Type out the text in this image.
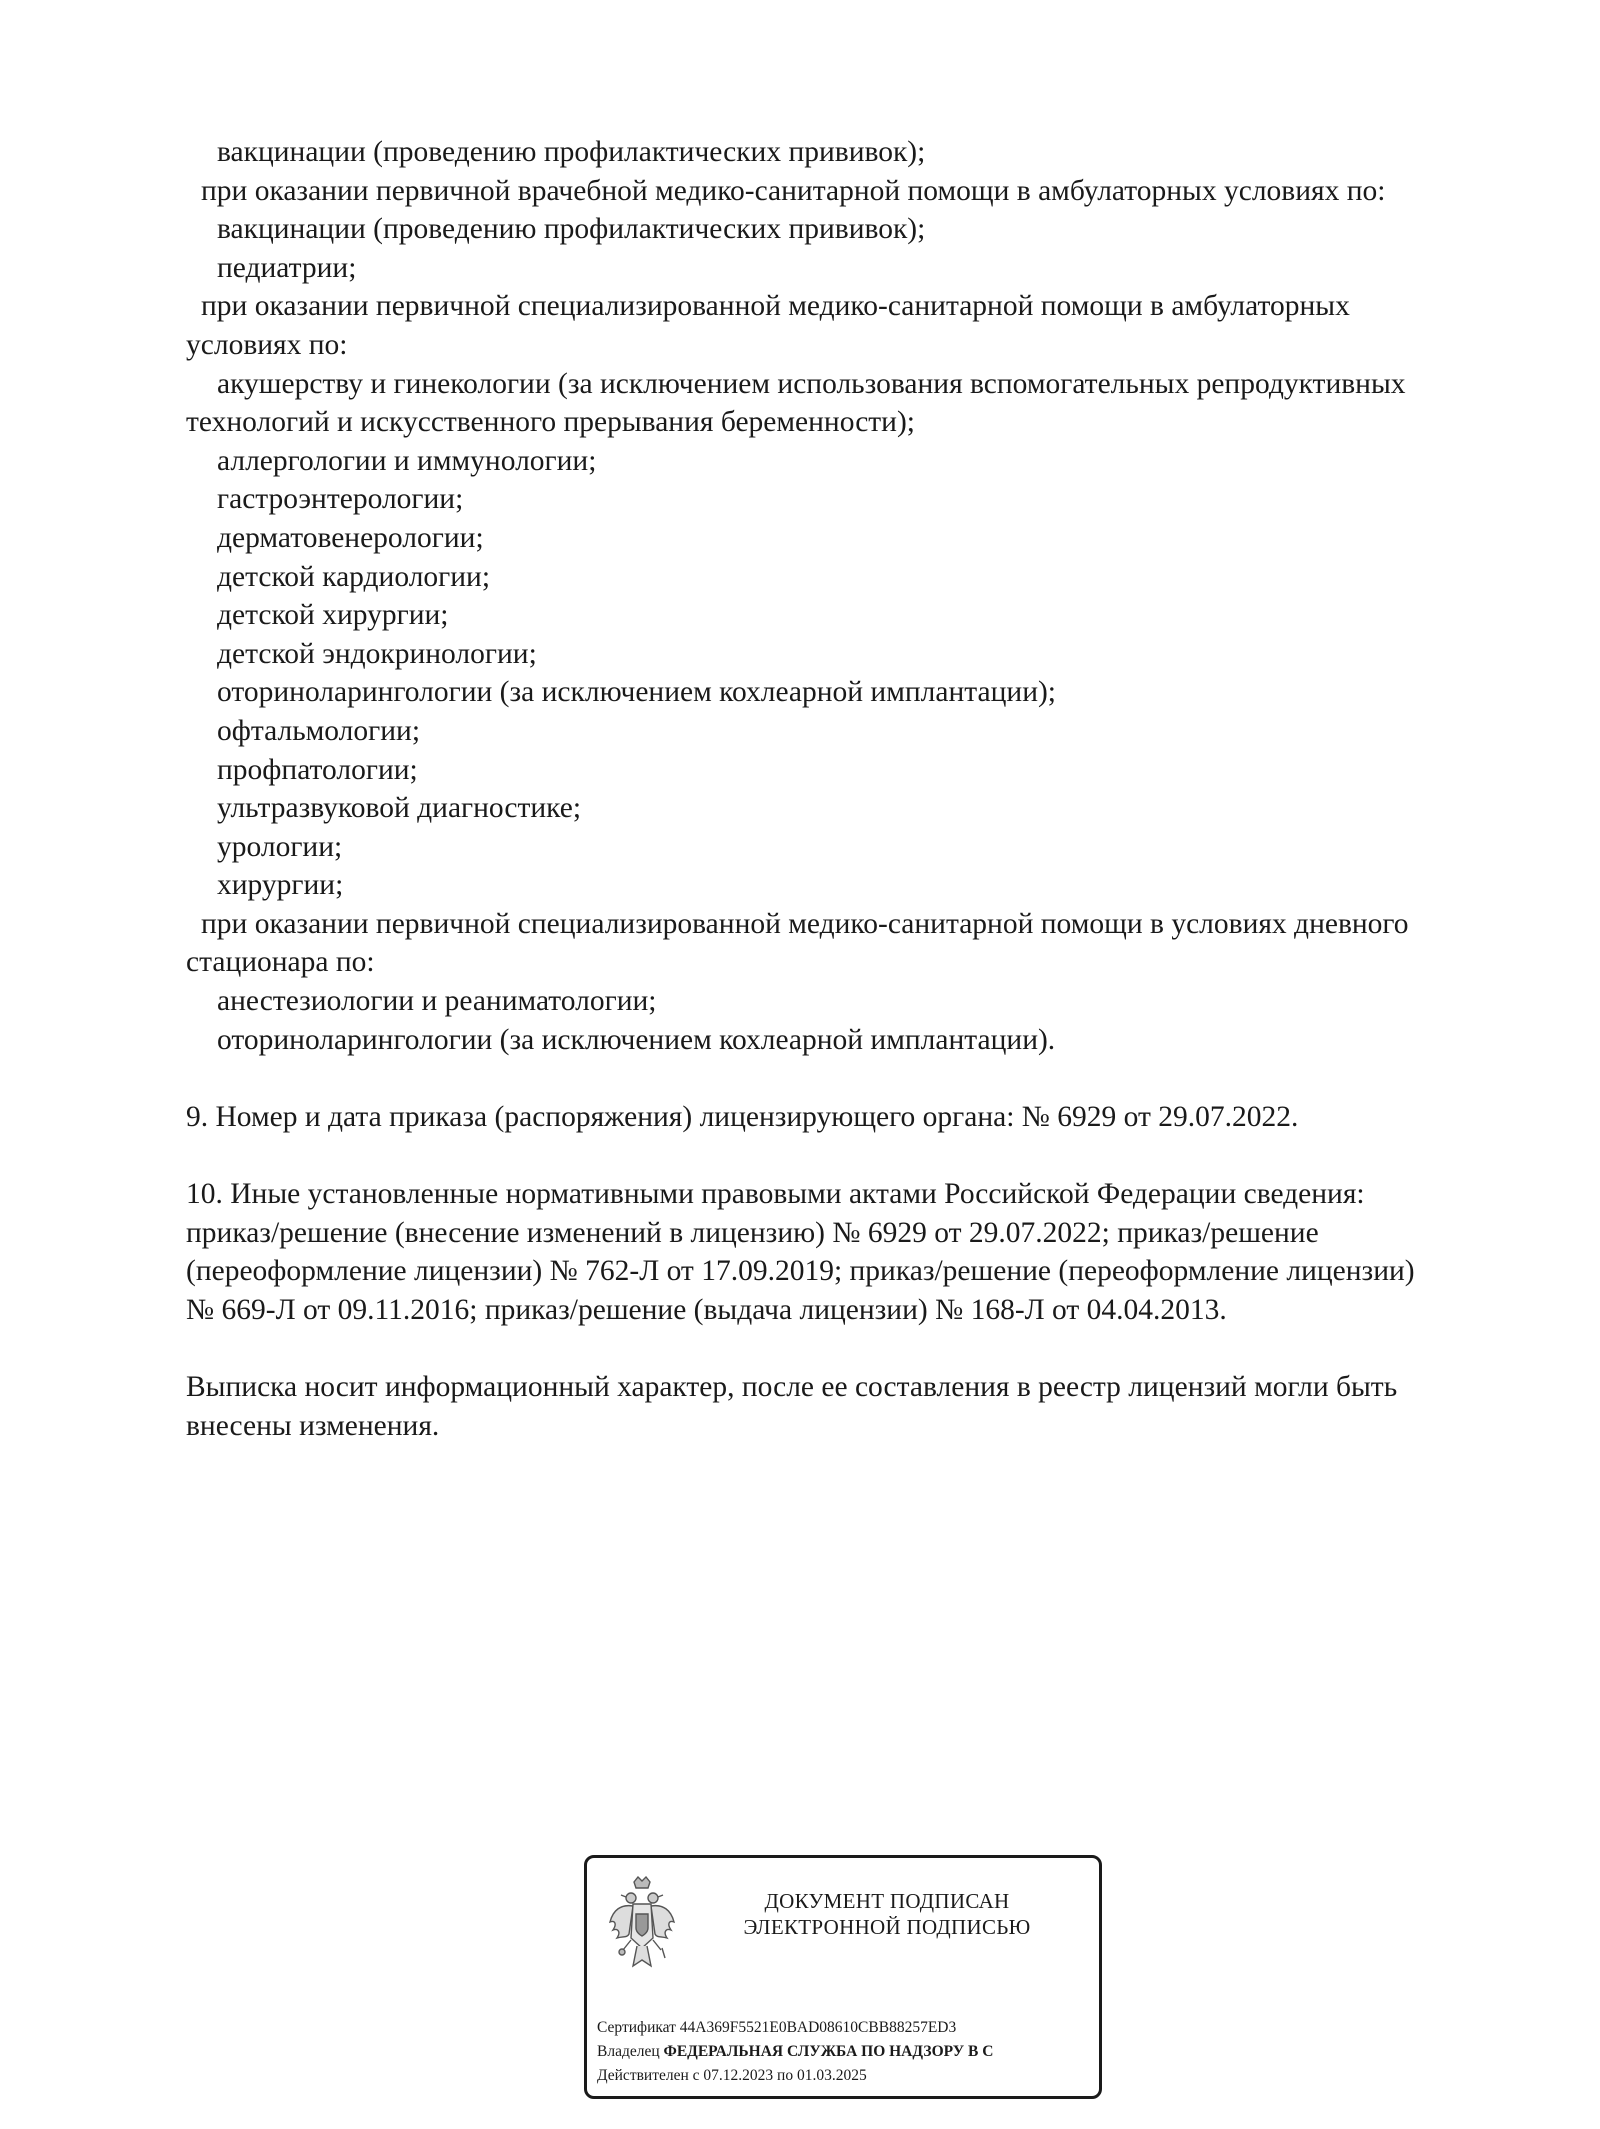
вакцинации (проведению профилактических прививок);
при оказании первичной врачебной медико-санитарной помощи в амбулаторных условиях по:
вакцинации (проведению профилактических прививок);
педиатрии;
при оказании первичной специализированной медико-санитарной помощи в амбулаторных
условиях по:
акушерству и гинекологии (за исключением использования вспомогательных репродуктивных
технологий и искусственного прерывания беременности);
аллергологии и иммунологии;
гастроэнтерологии;
дерматовенерологии;
детской кардиологии;
детской хирургии;
детской эндокринологии;
оториноларингологии (за исключением кохлеарной имплантации);
офтальмологии;
профпатологии;
ультразвуковой диагностике;
урологии;
хирургии;
при оказании первичной специализированной медико-санитарной помощи в условиях дневного
стационара по:
анестезиологии и реаниматологии;
оториноларингологии (за исключением кохлеарной имплантации).
9. Номер и дата приказа (распоряжения) лицензирующего органа: № 6929 от 29.07.2022.
10. Иные установленные нормативными правовыми актами Российской Федерации сведения:
приказ/решение (внесение изменений в лицензию) № 6929 от 29.07.2022; приказ/решение
(переоформление лицензии) № 762-Л от 17.09.2019; приказ/решение (переоформление лицензии)
№ 669-Л от 09.11.2016; приказ/решение (выдача лицензии) № 168-Л от 04.04.2013.
Выписка носит информационный характер, после ее составления в реестр лицензий могли быть
внесены изменения.
ДОКУМЕНТ ПОДПИСАН
ЭЛЕКТРОННОЙ ПОДПИСЬЮ
Сертификат 44A369F5521E0BAD08610CBB88257ED3
Владелец ФЕДЕРАЛЬНАЯ СЛУЖБА ПО НАДЗОРУ В С
Действителен с 07.12.2023 по 01.03.2025
